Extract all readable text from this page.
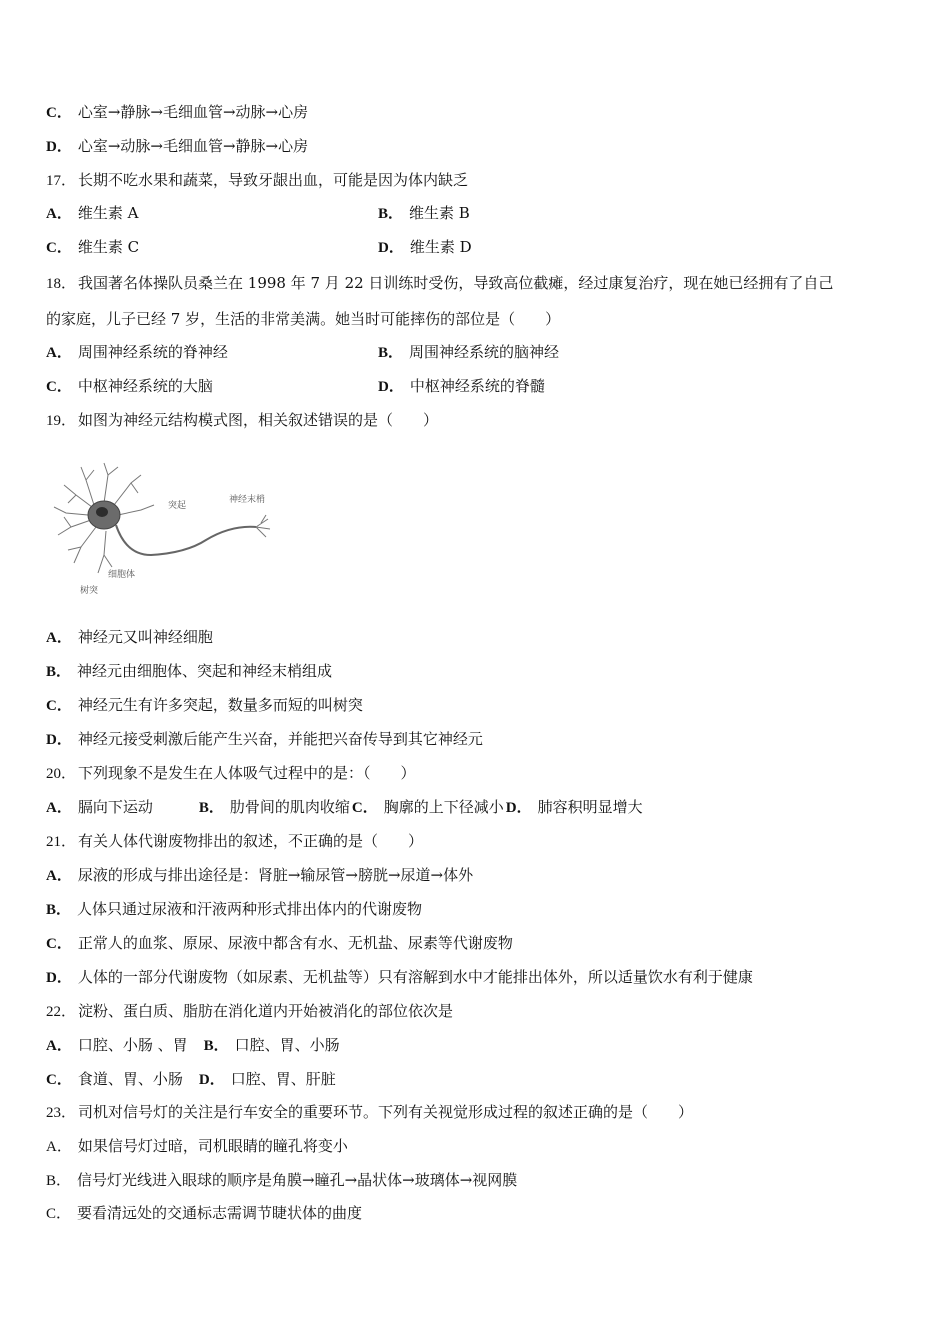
C． 心室→静脉→毛细血管→动脉→心房
D． 心室→动脉→毛细血管→静脉→心房
17． 长期不吃水果和蔬菜，导致牙龈出血，可能是因为体内缺乏
A． 维生素 A	B． 维生素 B
C． 维生素 C	D． 维生素 D
18． 我国著名体操队员桑兰在 1998 年 7 月 22 日训练时受伤，导致高位截瘫，经过康复治疗，现在她已经拥有了自己
的家庭，儿子已经 7 岁，生活的非常美满。她当时可能摔伤的部位是（　　）
A． 周围神经系统的脊神经	B． 周围神经系统的脑神经
C． 中枢神经系统的大脑	D． 中枢神经系统的脊髓
19． 如图为神经元结构模式图，相关叙述错误的是（　　）
突起
神经末梢
细胞体
树突
A． 神经元又叫神经细胞
B． 神经元由细胞体、突起和神经末梢组成
C． 神经元生有许多突起，数量多而短的叫树突
D． 神经元接受刺激后能产生兴奋，并能把兴奋传导到其它神经元
20． 下列现象不是发生在人体吸气过程中的是：（　　）
A． 膈向下运动	B． 肋骨间的肌肉收缩 C． 胸廓的上下径减小 D． 肺容积明显增大
21． 有关人体代谢废物排出的叙述，不正确的是（　　）
A． 尿液的形成与排出途径是：肾脏→输尿管→膀胱→尿道→体外
B． 人体只通过尿液和汗液两种形式排出体内的代谢废物
C． 正常人的血浆、原尿、尿液中都含有水、无机盐、尿素等代谢废物
D． 人体的一部分代谢废物（如尿素、无机盐等）只有溶解到水中才能排出体外，所以适量饮水有利于健康
22． 淀粉、蛋白质、脂肪在消化道内开始被消化的部位依次是
A． 口腔、小肠 、胃 B． 口腔、胃、小肠
C． 食道、胃、小肠 D． 口腔、胃、肝脏
23． 司机对信号灯的关注是行车安全的重要环节。下列有关视觉形成过程的叙述正确的是（　　）
A． 如果信号灯过暗，司机眼睛的瞳孔将变小
B． 信号灯光线进入眼球的顺序是角膜→瞳孔→晶状体→玻璃体→视网膜
C． 要看清远处的交通标志需调节睫状体的曲度
